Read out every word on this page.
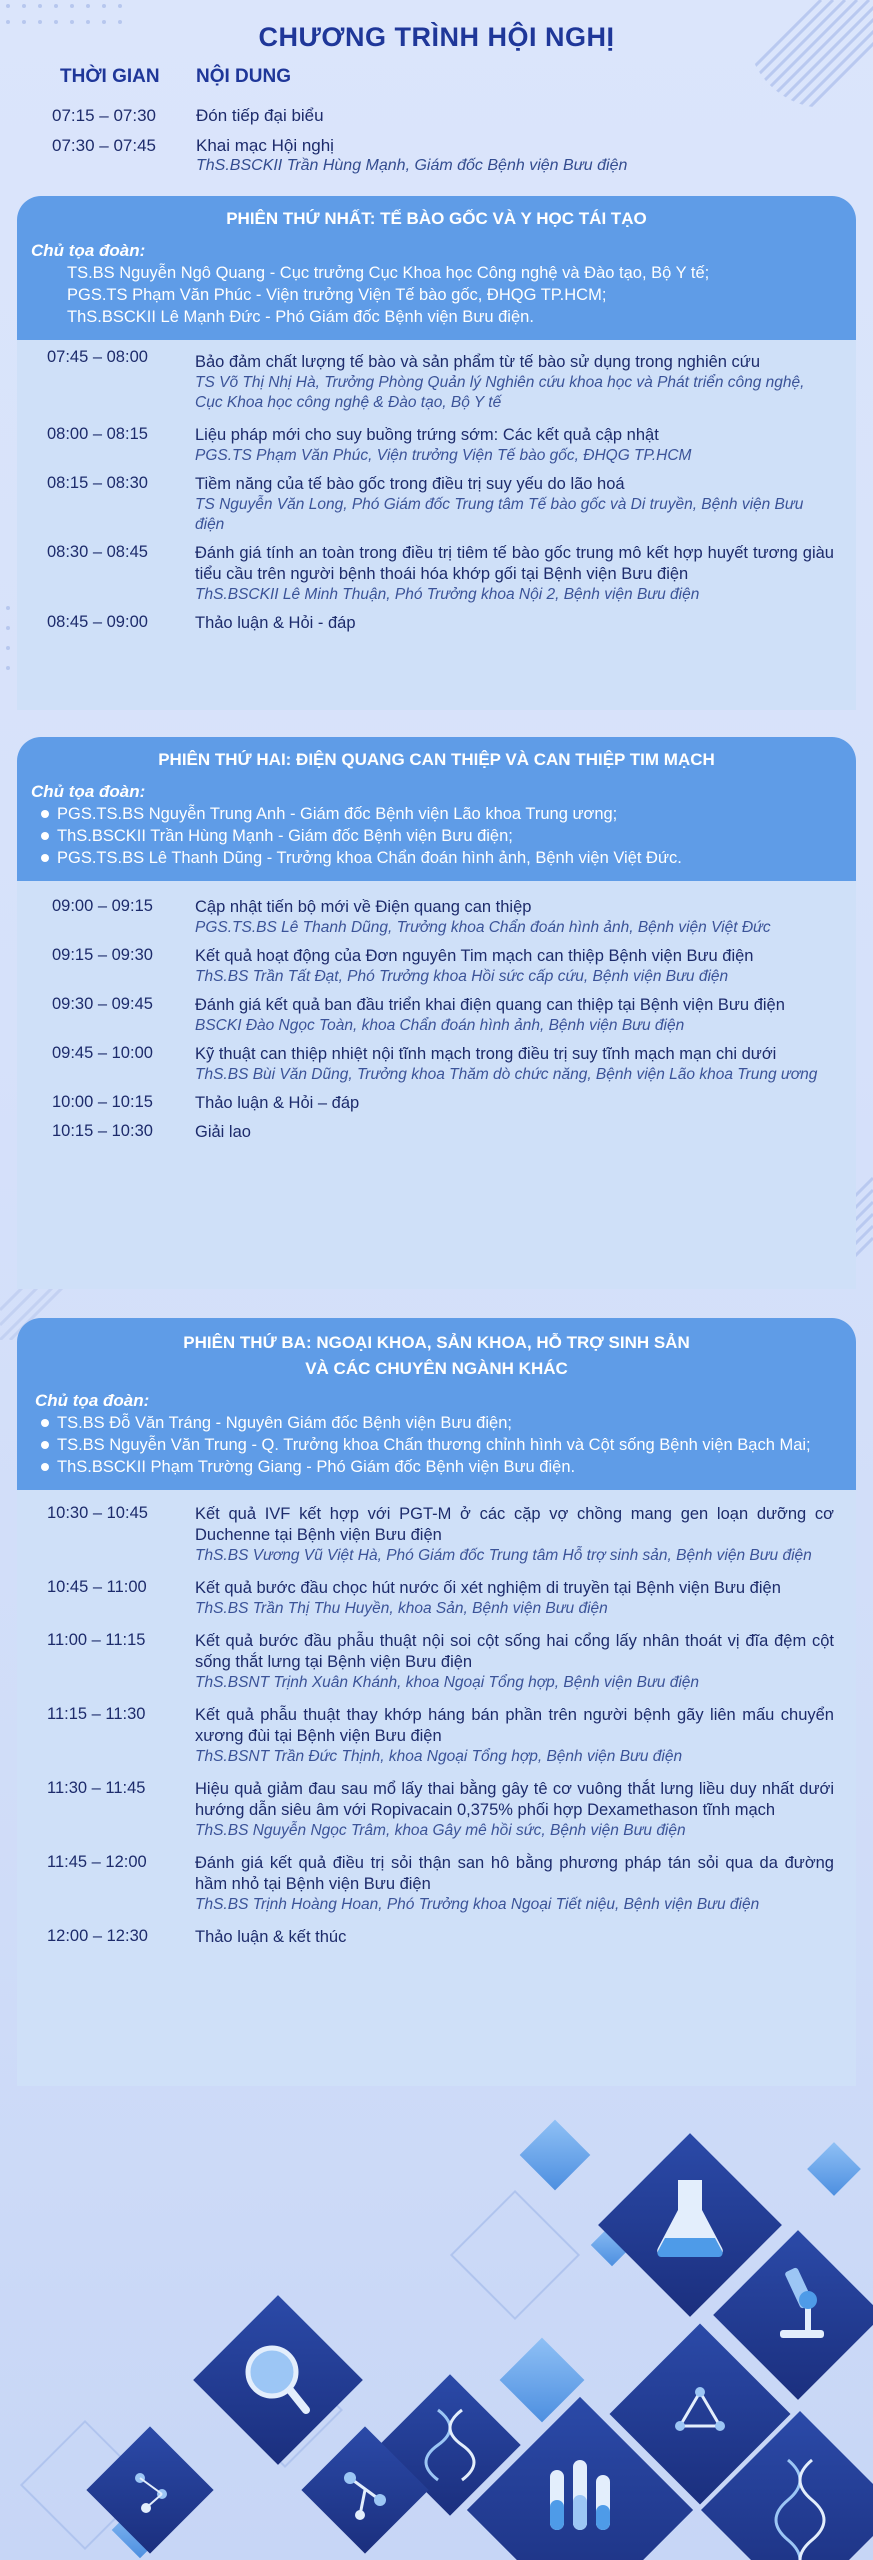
CHƯƠNG TRÌNH HỘI NGHỊ
THỜI GIAN NỘI DUNG
07:15 – 07:30 Đón tiếp đại biểu
07:30 – 07:45 Khai mạc Hội nghị
ThS.BSCKII Trần Hùng Mạnh, Giám đốc Bệnh viện Bưu điện
PHIÊN THỨ NHẤT: TẾ BÀO GỐC VÀ Y HỌC TÁI TẠO
Chủ tọa đoàn:
TS.BS Nguyễn Ngô Quang - Cục trưởng Cục Khoa học Công nghệ và Đào tạo, Bộ Y tế;
PGS.TS Phạm Văn Phúc - Viện trưởng Viện Tế bào gốc, ĐHQG TP.HCM;
ThS.BSCKII Lê Mạnh Đức - Phó Giám đốc Bệnh viện Bưu điện.
07:45 – 08:00	Bảo đảm chất lượng tế bào và sản phẩm từ tế bào sử dụng trong nghiên cứu
TS Võ Thị Nhị Hà, Trưởng Phòng Quản lý Nghiên cứu khoa học và Phát triển công nghệ, Cục Khoa học công nghệ & Đào tạo, Bộ Y tế
08:00 – 08:15	Liệu pháp mới cho suy buồng trứng sớm: Các kết quả cập nhật
PGS.TS Phạm Văn Phúc, Viện trưởng Viện Tế bào gốc, ĐHQG TP.HCM
08:15 – 08:30	Tiềm năng của tế bào gốc trong điều trị suy yếu do lão hoá
TS Nguyễn Văn Long, Phó Giám đốc Trung tâm Tế bào gốc và Di truyền, Bệnh viện Bưu điện
08:30 – 08:45	Đánh giá tính an toàn trong điều trị tiêm tế bào gốc trung mô kết hợp huyết tương giàu tiểu cầu trên người bệnh thoái hóa khớp gối tại Bệnh viện Bưu điện
ThS.BSCKII Lê Minh Thuận, Phó Trưởng khoa Nội 2, Bệnh viện Bưu điện
08:45 – 09:00	Thảo luận & Hỏi - đáp
PHIÊN THỨ HAI: ĐIỆN QUANG CAN THIỆP VÀ CAN THIỆP TIM MẠCH
Chủ tọa đoàn:
PGS.TS.BS Nguyễn Trung Anh - Giám đốc Bệnh viện Lão khoa Trung ương;
ThS.BSCKII Trần Hùng Mạnh - Giám đốc Bệnh viện Bưu điện;
PGS.TS.BS Lê Thanh Dũng - Trưởng khoa Chẩn đoán hình ảnh, Bệnh viện Việt Đức.
09:00 – 09:15	Cập nhật tiến bộ mới về Điện quang can thiệp
PGS.TS.BS Lê Thanh Dũng, Trưởng khoa Chẩn đoán hình ảnh, Bệnh viện Việt Đức
09:15 – 09:30	Kết quả hoạt động của Đơn nguyên Tim mạch can thiệp Bệnh viện Bưu điện
ThS.BS Trần Tất Đạt, Phó Trưởng khoa Hồi sức cấp cứu, Bệnh viện Bưu điện
09:30 – 09:45	Đánh giá kết quả ban đầu triển khai điện quang can thiệp tại Bệnh viện Bưu điện
BSCKI Đào Ngọc Toàn, khoa Chẩn đoán hình ảnh, Bệnh viện Bưu điện
09:45 – 10:00	Kỹ thuật can thiệp nhiệt nội tĩnh mạch trong điều trị suy tĩnh mạch mạn chi dưới
ThS.BS Bùi Văn Dũng, Trưởng khoa Thăm dò chức năng, Bệnh viện Lão khoa Trung ương
10:00 – 10:15	Thảo luận & Hỏi – đáp
10:15 – 10:30	Giải lao
PHIÊN THỨ BA: NGOẠI KHOA, SẢN KHOA, HỖ TRỢ SINH SẢN
VÀ CÁC CHUYÊN NGÀNH KHÁC
Chủ tọa đoàn:
TS.BS Đỗ Văn Tráng - Nguyên Giám đốc Bệnh viện Bưu điện;
TS.BS Nguyễn Văn Trung - Q. Trưởng khoa Chấn thương chỉnh hình và Cột sống Bệnh viện Bạch Mai;
ThS.BSCKII Phạm Trường Giang - Phó Giám đốc Bệnh viện Bưu điện.
10:30 – 10:45	Kết quả IVF kết hợp với PGT-M ở các cặp vợ chồng mang gen loạn dưỡng cơ Duchenne tại Bệnh viện Bưu điện
ThS.BS Vương Vũ Việt Hà, Phó Giám đốc Trung tâm Hỗ trợ sinh sản, Bệnh viện Bưu điện
10:45 – 11:00	Kết quả bước đầu chọc hút nước ối xét nghiệm di truyền tại Bệnh viện Bưu điện
ThS.BS Trần Thị Thu Huyền, khoa Sản, Bệnh viện Bưu điện
11:00 – 11:15	Kết quả bước đầu phẫu thuật nội soi cột sống hai cổng lấy nhân thoát vị đĩa đệm cột sống thắt lưng tại Bệnh viện Bưu điện
ThS.BSNT Trịnh Xuân Khánh, khoa Ngoại Tổng hợp, Bệnh viện Bưu điện
11:15 – 11:30	Kết quả phẫu thuật thay khớp háng bán phần trên người bệnh gãy liên mấu chuyển xương đùi tại Bệnh viện Bưu điện
ThS.BSNT Trần Đức Thịnh, khoa Ngoại Tổng hợp, Bệnh viện Bưu điện
11:30 – 11:45	Hiệu quả giảm đau sau mổ lấy thai bằng gây tê cơ vuông thắt lưng liều duy nhất dưới hướng dẫn siêu âm với Ropivacain 0,375% phối hợp Dexamethason tĩnh mạch
ThS.BS Nguyễn Ngọc Trâm, khoa Gây mê hồi sức, Bệnh viện Bưu điện
11:45 – 12:00	Đánh giá kết quả điều trị sỏi thận san hô bằng phương pháp tán sỏi qua da đường hầm nhỏ tại Bệnh viện Bưu điện
ThS.BS Trịnh Hoàng Hoan, Phó Trưởng khoa Ngoại Tiết niệu, Bệnh viện Bưu điện
12:00 – 12:30	Thảo luận & kết thúc
